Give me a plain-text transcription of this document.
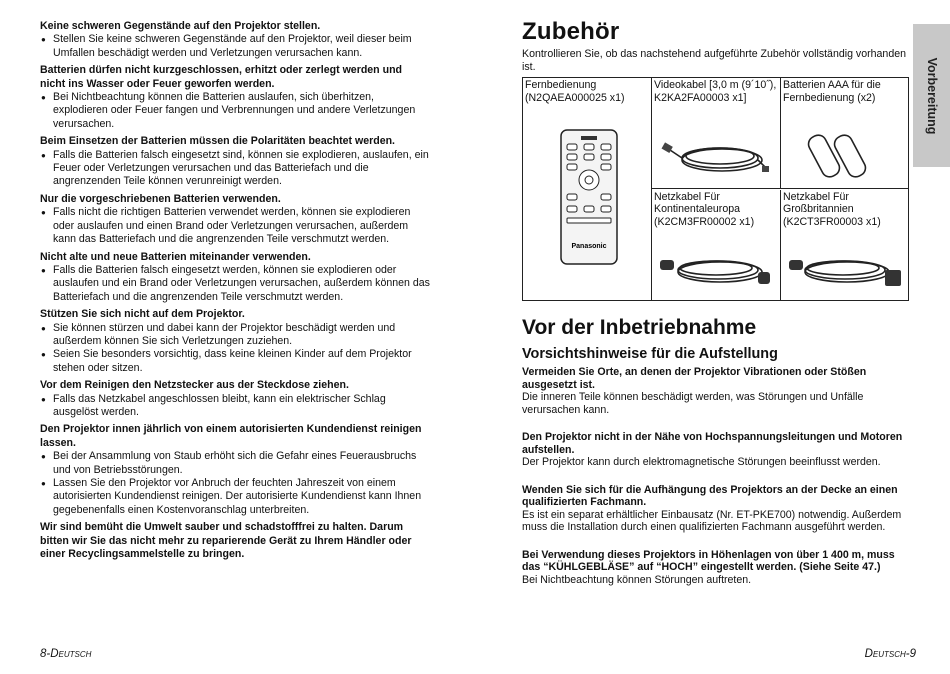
Keine schweren Gegenstände auf den Projektor stellen.

● Stellen Sie keine schweren Gegenstände auf den Projektor, weil dieser beim Umfallen beschädigt werden und Verletzungen verursachen kann.

Batterien dürfen nicht kurzgeschlossen, erhitzt oder zerlegt werden und nicht ins Wasser oder Feuer geworfen werden.

● Bei Nichtbeachtung können die Batterien auslaufen, sich überhitzen, explodieren oder Feuer fangen und Verbrennungen und andere Verletzungen verursachen.

Beim Einsetzen der Batterien müssen die Polaritäten beachtet werden.

● Falls die Batterien falsch eingesetzt sind, können sie explodieren, auslaufen, ein Feuer oder Verletzungen verursachen und das Batteriefach und die angrenzenden Teile können verunreinigt werden.

Nur die vorgeschriebenen Batterien verwenden.

● Falls nicht die richtigen Batterien verwendet werden, können sie explodieren oder auslaufen und einen Brand oder Verletzungen verursachen, außerdem kann das Batteriefach und die angrenzenden Teile verschmutzt werden.

Nicht alte und neue Batterien miteinander verwenden.

● Falls die Batterien falsch eingesetzt werden, können sie explodieren oder auslaufen und ein Brand oder Verletzungen verursachen, außerdem können das Batteriefach und die angrenzenden Teile verschmutzt werden.

Stützen Sie sich nicht auf dem Projektor.

● Sie können stürzen und dabei kann der Projektor beschädigt werden und außerdem können Sie sich Verletzungen zuziehen.

● Seien Sie besonders vorsichtig, dass keine kleinen Kinder auf dem Projektor stehen oder sitzen.

Vor dem Reinigen den Netzstecker aus der Steckdose ziehen.

● Falls das Netzkabel angeschlossen bleibt, kann ein elektrischer Schlag ausgelöst werden.

Den Projektor innen jährlich von einem autorisierten Kundendienst reinigen lassen.

● Bei der Ansammlung von Staub erhöht sich die Gefahr eines Feuerausbruchs und von Betriebsstörungen.

● Lassen Sie den Projektor vor Anbruch der feuchten Jahreszeit von einem autorisierten Kundendienst reinigen. Der autorisierte Kundendienst kann Ihnen gegebenenfalls einen Kostenvoranschlag unterbreiten.

Wir sind bemüht die Umwelt sauber und schadstofffrei zu halten. Darum bitten wir Sie das nicht mehr zu reparierende Gerät zu Ihrem Händler oder einer Recyclingsammelstelle zu bringen.

Zubehör

Kontrollieren Sie, ob das nachstehend aufgeführte Zubehör vollständig vorhanden ist.

Fernbedienung (N2QAEA000025 x1)
Panasonic
Videokabel [3,0 m (9´10˝), K2KA2FA00003 x1]
Batterien AAA für die Fernbedienung (x2)
Netzkabel Für Kontinentaleuropa (K2CM3FR00002 x1)
Netzkabel Für Großbritannien (K2CT3FR00003 x1)
Vor der Inbetriebnahme
Vorsichtshinweise für die Aufstellung
Vermeiden Sie Orte, an denen der Projektor Vibrationen oder Stößen ausgesetzt ist.
Die inneren Teile können beschädigt werden, was Störungen und Unfälle verursachen kann.
Den Projektor nicht in der Nähe von Hochspannungsleitungen und Motoren aufstellen.
Der Projektor kann durch elektromagnetische Störungen beeinflusst werden.
Wenden Sie sich für die Aufhängung des Projektors an der Decke an einen qualifizierten Fachmann.
Es ist ein separat erhältlicher Einbausatz (Nr. ET-PKE700) notwendig. Außerdem muss die Installation durch einen qualifizierten Fachmann ausgeführt werden.
Bei Verwendung dieses Projektors in Höhenlagen von über 1 400 m, muss das “KÜHLGEBLÄSE” auf “HOCH” eingestellt werden. (Siehe Seite 47.)
Bei Nichtbeachtung können Störungen auftreten.
Vorbereitung
8-Deutsch	Deutsch-9
